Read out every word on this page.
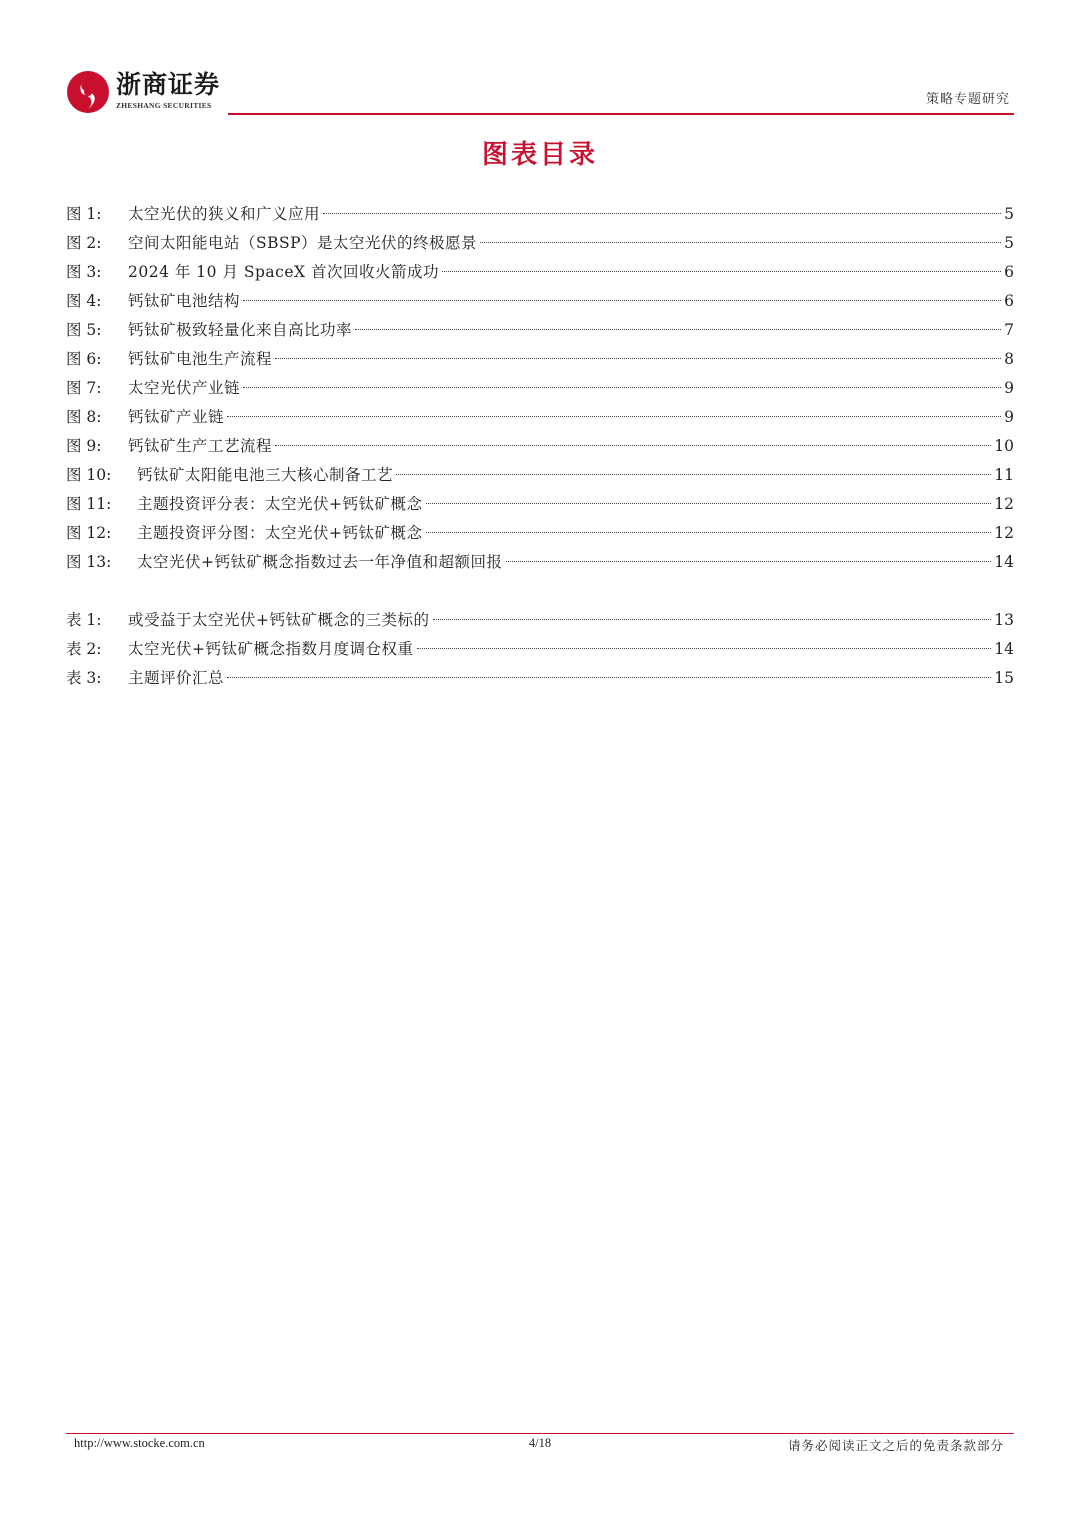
浙商证券
ZHESHANG SECURITIES	策略专题研究
图表目录
图 1:	太空光伏的狭义和广义应用	5
图 2:	空间太阳能电站（SBSP）是太空光伏的终极愿景	5
图 3:	2024 年 10 月 SpaceX 首次回收火箭成功	6
图 4:	钙钛矿电池结构	6
图 5:	钙钛矿极致轻量化来自高比功率	7
图 6:	钙钛矿电池生产流程	8
图 7:	太空光伏产业链	9
图 8:	钙钛矿产业链	9
图 9:	钙钛矿生产工艺流程	10
图 10:	钙钛矿太阳能电池三大核心制备工艺	11
图 11:	主题投资评分表：太空光伏+钙钛矿概念	12
图 12:	主题投资评分图：太空光伏+钙钛矿概念	12
图 13:	太空光伏+钙钛矿概念指数过去一年净值和超额回报	14
表 1:	或受益于太空光伏+钙钛矿概念的三类标的	13
表 2:	太空光伏+钙钛矿概念指数月度调仓权重	14
表 3:	主题评价汇总	15
http://www.stocke.com.cn	4/18	请务必阅读正文之后的免责条款部分
